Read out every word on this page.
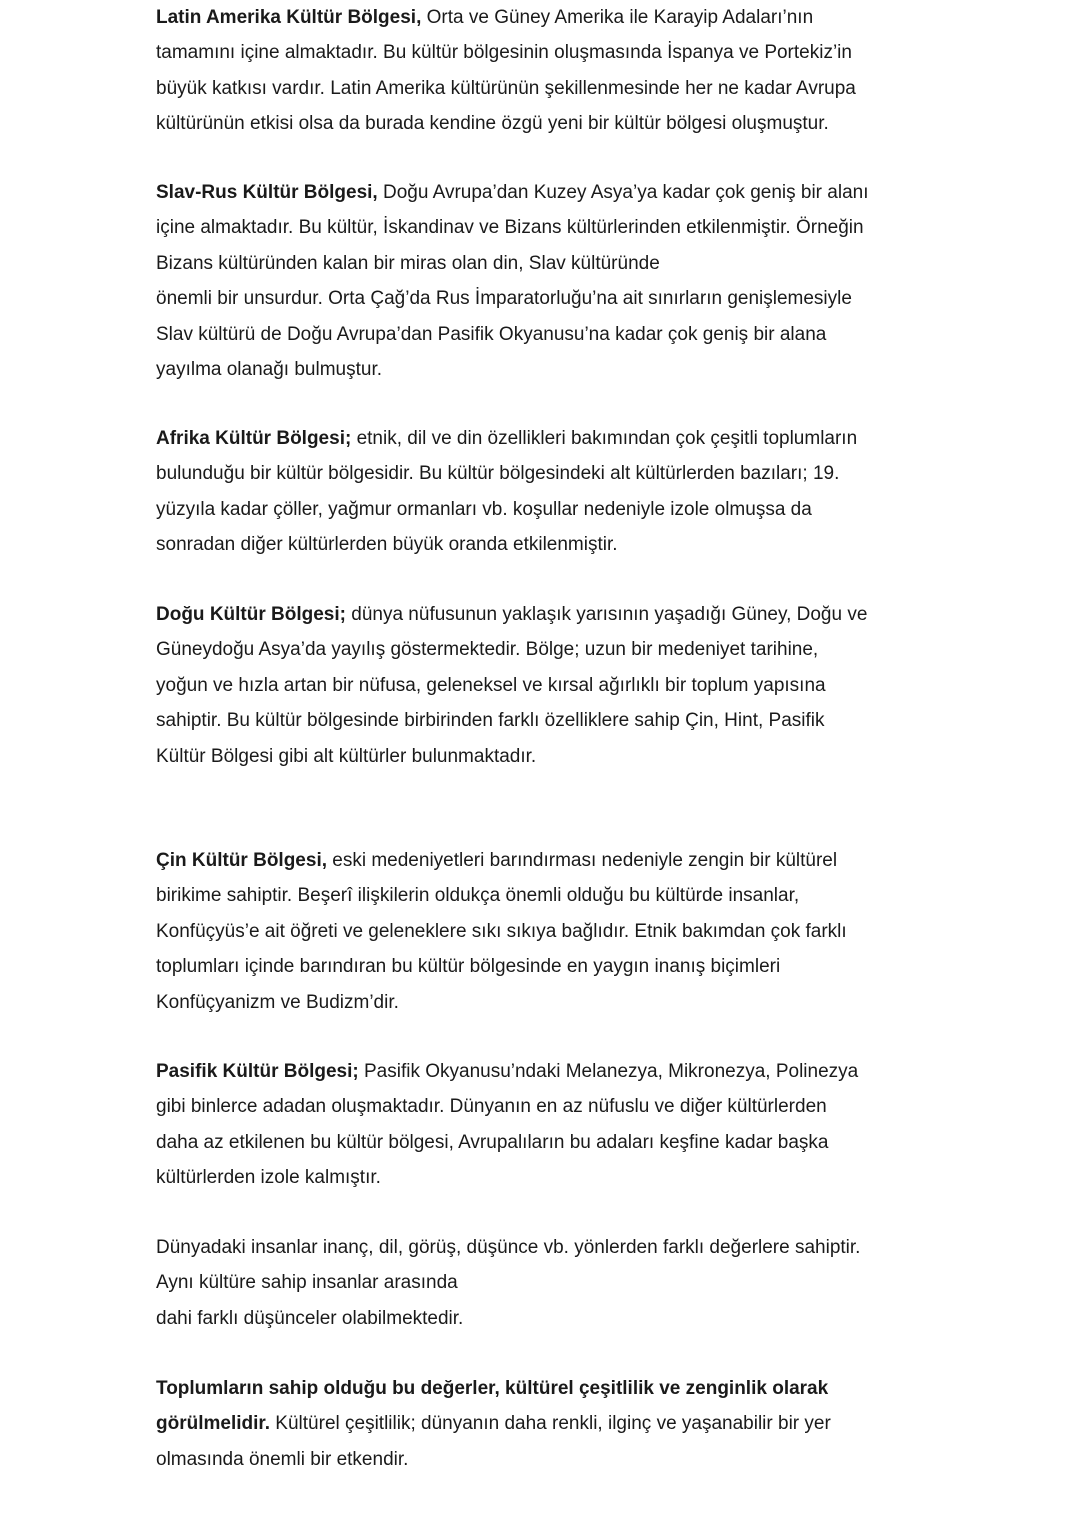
Latin Amerika Kültür Bölgesi, Orta ve Güney Amerika ile Karayip Adaları’nın
tamamını içine almaktadır. Bu kültür bölgesinin oluşmasında İspanya ve Portekiz’in
büyük katkısı vardır. Latin Amerika kültürünün şekillenmesinde her ne kadar Avrupa
kültürünün etkisi olsa da burada kendine özgü yeni bir kültür bölgesi oluşmuştur.

Slav-Rus Kültür Bölgesi, Doğu Avrupa’dan Kuzey Asya’ya kadar çok geniş bir alanı
içine almaktadır. Bu kültür, İskandinav ve Bizans kültürlerinden etkilenmiştir. Örneğin
Bizans kültüründen kalan bir miras olan din, Slav kültüründe
önemli bir unsurdur. Orta Çağ’da Rus İmparatorluğu’na ait sınırların genişlemesiyle
Slav kültürü de Doğu Avrupa’dan Pasifik Okyanusu’na kadar çok geniş bir alana
yayılma olanağı bulmuştur.

Afrika Kültür Bölgesi; etnik, dil ve din özellikleri bakımından çok çeşitli toplumların
bulunduğu bir kültür bölgesidir. Bu kültür bölgesindeki alt kültürlerden bazıları; 19.
yüzyıla kadar çöller, yağmur ormanları vb. koşullar nedeniyle izole olmuşsa da
sonradan diğer kültürlerden büyük oranda etkilenmiştir.

Doğu Kültür Bölgesi; dünya nüfusunun yaklaşık yarısının yaşadığı Güney, Doğu ve
Güneydoğu Asya’da yayılış göstermektedir. Bölge; uzun bir medeniyet tarihine,
yoğun ve hızla artan bir nüfusa, geleneksel ve kırsal ağırlıklı bir toplum yapısına
sahiptir. Bu kültür bölgesinde birbirinden farklı özelliklere sahip Çin, Hint, Pasifik
Kültür Bölgesi gibi alt kültürler bulunmaktadır.

Çin Kültür Bölgesi, eski medeniyetleri barındırması nedeniyle zengin bir kültürel
birikime sahiptir. Beşerî ilişkilerin oldukça önemli olduğu bu kültürde insanlar,
Konfüçyüs’e ait öğreti ve geleneklere sıkı sıkıya bağlıdır. Etnik bakımdan çok farklı
toplumları içinde barındıran bu kültür bölgesinde en yaygın inanış biçimleri
Konfüçyanizm ve Budizm’dir.

Pasifik Kültür Bölgesi; Pasifik Okyanusu’ndaki Melanezya, Mikronezya, Polinezya
gibi binlerce adadan oluşmaktadır. Dünyanın en az nüfuslu ve diğer kültürlerden
daha az etkilenen bu kültür bölgesi, Avrupalıların bu adaları keşfine kadar başka
kültürlerden izole kalmıştır.

Dünyadaki insanlar inanç, dil, görüş, düşünce vb. yönlerden farklı değerlere sahiptir.
Aynı kültüre sahip insanlar arasında
dahi farklı düşünceler olabilmektedir.

Toplumların sahip olduğu bu değerler, kültürel çeşitlilik ve zenginlik olarak
görülmelidir. Kültürel çeşitlilik; dünyanın daha renkli, ilginç ve yaşanabilir bir yer
olmasında önemli bir etkendir.
